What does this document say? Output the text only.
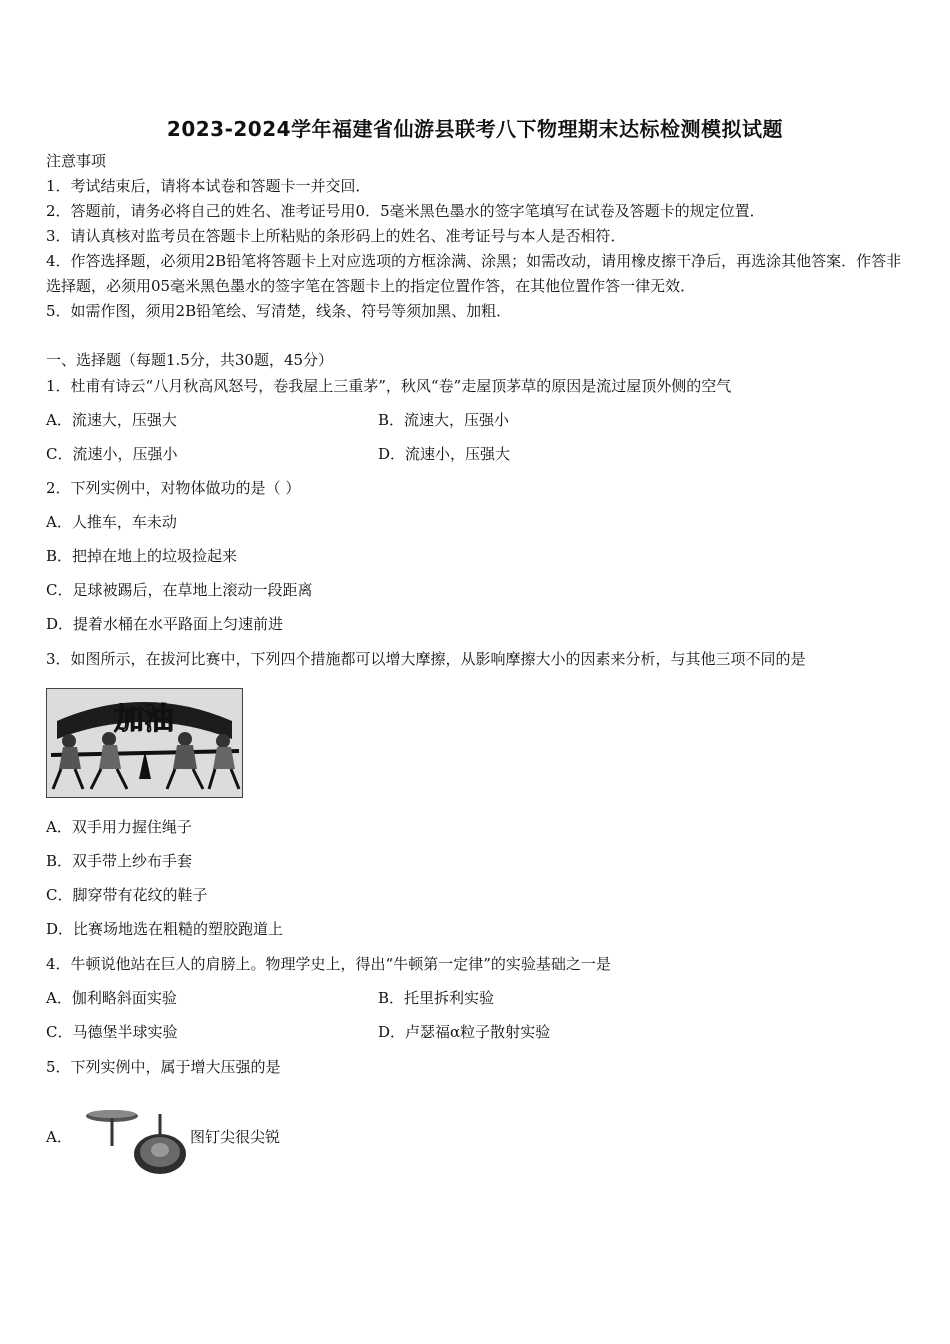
2023-2024学年福建省仙游县联考八下物理期末达标检测模拟试题
注意事项
1．考试结束后，请将本试卷和答题卡一并交回．
2．答题前，请务必将自己的姓名、准考证号用0．5毫米黑色墨水的签字笔填写在试卷及答题卡的规定位置．
3．请认真核对监考员在答题卡上所粘贴的条形码上的姓名、准考证号与本人是否相符．
4．作答选择题，必须用2B铅笔将答题卡上对应选项的方框涂满、涂黑；如需改动，请用橡皮擦干净后，再选涂其他答案．作答非选择题，必须用05毫米黑色墨水的签字笔在答题卡上的指定位置作答，在其他位置作答一律无效．
5．如需作图，须用2B铅笔绘、写清楚，线条、符号等须加黑、加粗．
一、选择题（每题1.5分，共30题，45分）
1．杜甫有诗云“八月秋高风怒号，卷我屋上三重茅”，秋风“卷”走屋顶茅草的原因是流过屋顶外侧的空气
A．流速大，压强大	B．流速大，压强小
C．流速小，压强小	D．流速小，压强大
2．下列实例中，对物体做功的是（ ）
A．人推车，车未动
B．把掉在地上的垃圾捡起来
C．足球被踢后，在草地上滚动一段距离
D．提着水桶在水平路面上匀速前进
3．如图所示，在拔河比赛中，下列四个措施都可以增大摩擦，从影响摩擦大小的因素来分析，与其他三项不同的是
加油
A．双手用力握住绳子
B．双手带上纱布手套
C．脚穿带有花纹的鞋子
D．比赛场地选在粗糙的塑胶跑道上
4．牛顿说他站在巨人的肩膀上。物理学史上，得出“牛顿第一定律”的实验基础之一是
A．伽利略斜面实验	B．托里拆利实验
C．马德堡半球实验	D．卢瑟福α粒子散射实验
5．下列实例中，属于增大压强的是
A．	图钉尖很尖锐
